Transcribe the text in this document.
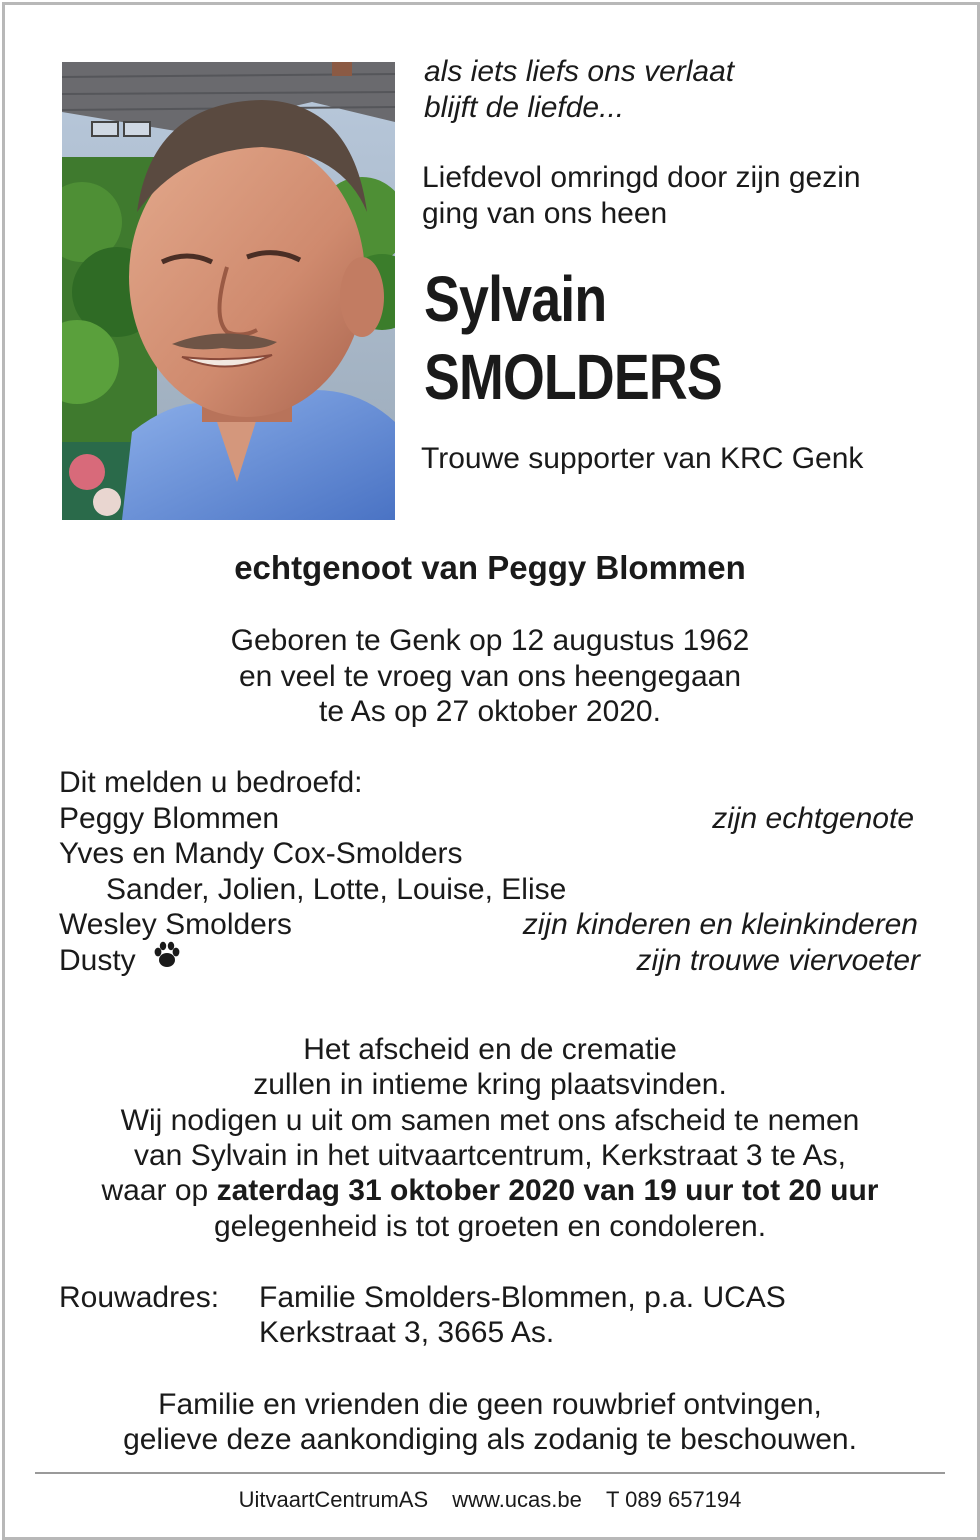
als iets liefs ons verlaat
blijft de liefde...
Liefdevol omringd door zijn gezin
ging van ons heen
Sylvain
SMOLDERS
Trouwe supporter van KRC Genk
echtgenoot van Peggy Blommen
Geboren te Genk op 12 augustus 1962
en veel te vroeg van ons heengegaan
te As op 27 oktober 2020.
Dit melden u bedroefd:
Peggy Blommen	zijn echtgenote
Yves en Mandy Cox-Smolders
Sander, Jolien, Lotte, Louise, Elise
Wesley Smolders	zijn kinderen en kleinkinderen
Dusty	zijn trouwe viervoeter
Het afscheid en de crematie
zullen in intieme kring plaatsvinden.
Wij nodigen u uit om samen met ons afscheid te nemen
van Sylvain in het uitvaartcentrum, Kerkstraat 3 te As,
waar op zaterdag 31 oktober 2020 van 19 uur tot 20 uur
gelegenheid is tot groeten en condoleren.
Rouwadres: Familie Smolders-Blommen, p.a. UCAS
Kerkstraat 3, 3665 As.
Familie en vrienden die geen rouwbrief ontvingen,
gelieve deze aankondiging als zodanig te beschouwen.
UitvaartCentrumAS www.ucas.be T 089 657194
